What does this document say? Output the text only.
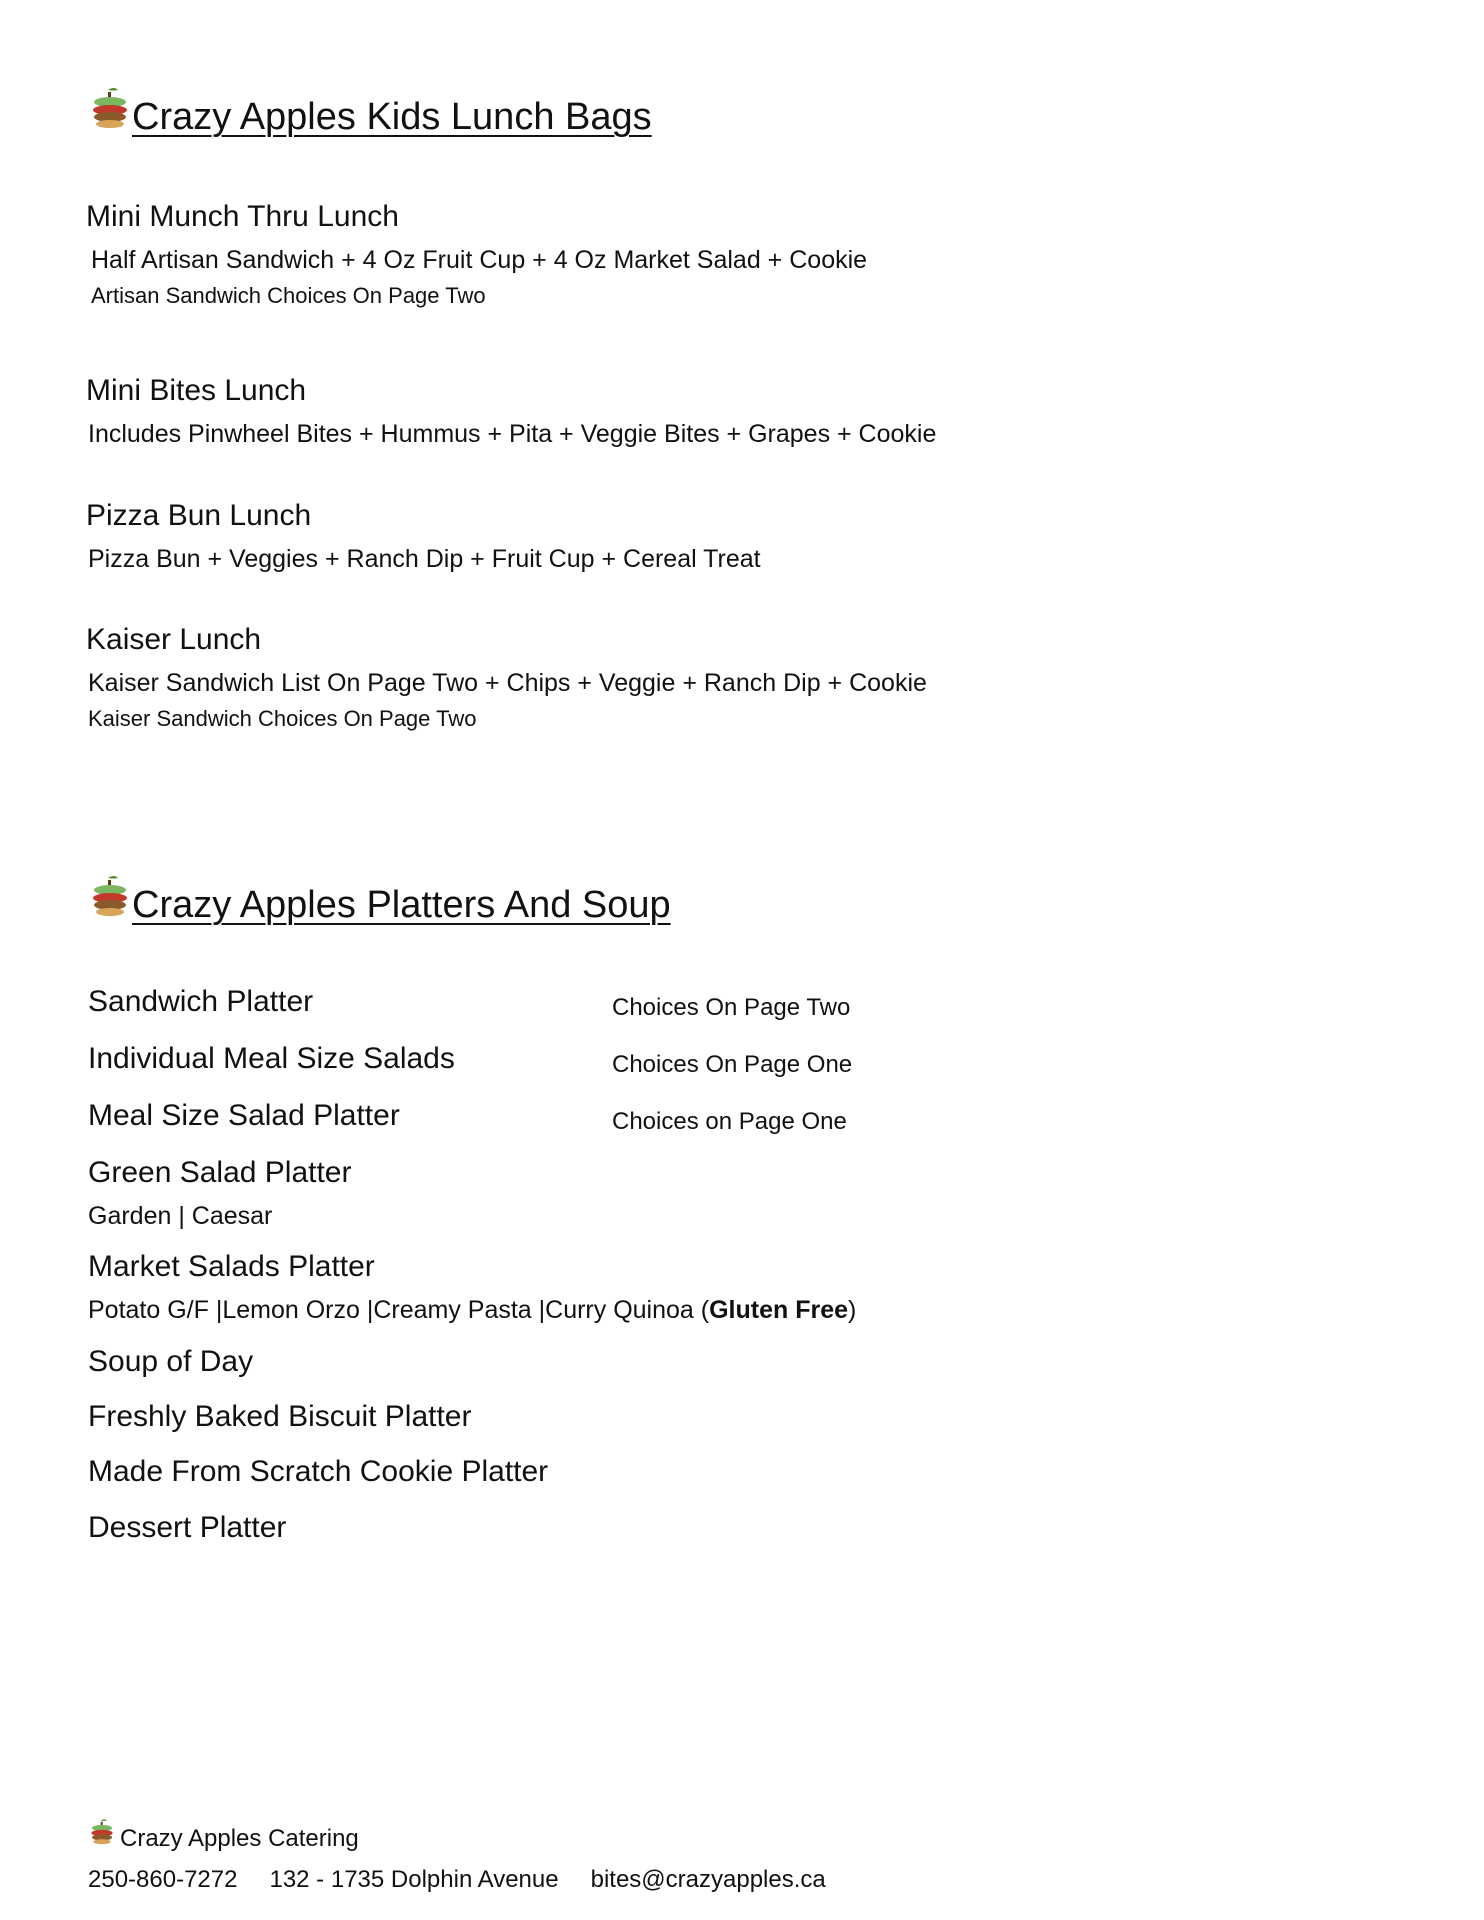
Crazy Apples Kids Lunch Bags
Mini Munch Thru Lunch
Half Artisan Sandwich + 4 Oz Fruit Cup + 4 Oz Market Salad + Cookie
Artisan Sandwich Choices On Page Two
Mini Bites Lunch
Includes Pinwheel Bites + Hummus + Pita + Veggie Bites + Grapes + Cookie
Pizza Bun Lunch
Pizza Bun + Veggies + Ranch Dip + Fruit Cup + Cereal Treat
Kaiser Lunch
Kaiser Sandwich List On Page Two + Chips + Veggie + Ranch Dip + Cookie
Kaiser Sandwich Choices On Page Two
Crazy Apples Platters And Soup
Sandwich Platter	Choices On Page Two
Individual Meal Size Salads	Choices On Page One
Meal Size Salad Platter	Choices on Page One
Green Salad Platter
Garden | Caesar
Market Salads Platter
Potato G/F |Lemon Orzo |Creamy Pasta |Curry Quinoa (Gluten Free)
Soup of Day
Freshly Baked Biscuit Platter
Made From Scratch Cookie Platter
Dessert Platter
Crazy Apples Catering
250-860-7272 132 - 1735 Dolphin Avenue bites@crazyapples.ca
